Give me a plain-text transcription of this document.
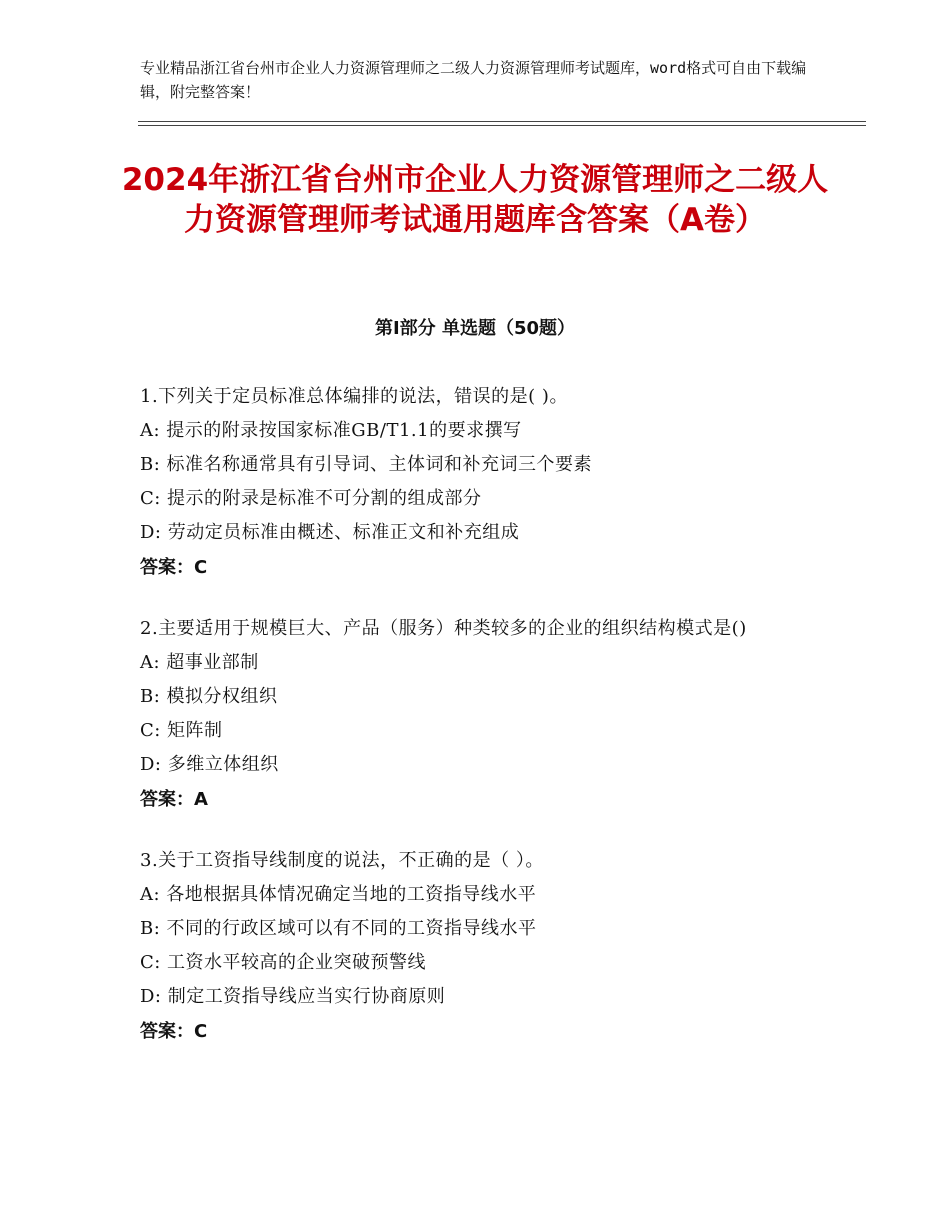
专业精品浙江省台州市企业人力资源管理师之二级人力资源管理师考试题库，word格式可自由下载编辑，附完整答案！
2024年浙江省台州市企业人力资源管理师之二级人力资源管理师考试通用题库含答案（A卷）
第Ⅰ部分 单选题（50题）
1.下列关于定员标准总体编排的说法，错误的是( )。
A: 提示的附录按国家标准GB/T1.1的要求撰写
B: 标准名称通常具有引导词、主体词和补充词三个要素
C: 提示的附录是标准不可分割的组成部分
D: 劳动定员标准由概述、标准正文和补充组成
答案：C
2.主要适用于规模巨大、产品（服务）种类较多的企业的组织结构模式是()
A: 超事业部制
B: 模拟分权组织
C: 矩阵制
D: 多维立体组织
答案：A
3.关于工资指导线制度的说法，不正确的是（ ）。
A: 各地根据具体情况确定当地的工资指导线水平
B: 不同的行政区域可以有不同的工资指导线水平
C: 工资水平较高的企业突破预警线
D: 制定工资指导线应当实行协商原则
答案：C
